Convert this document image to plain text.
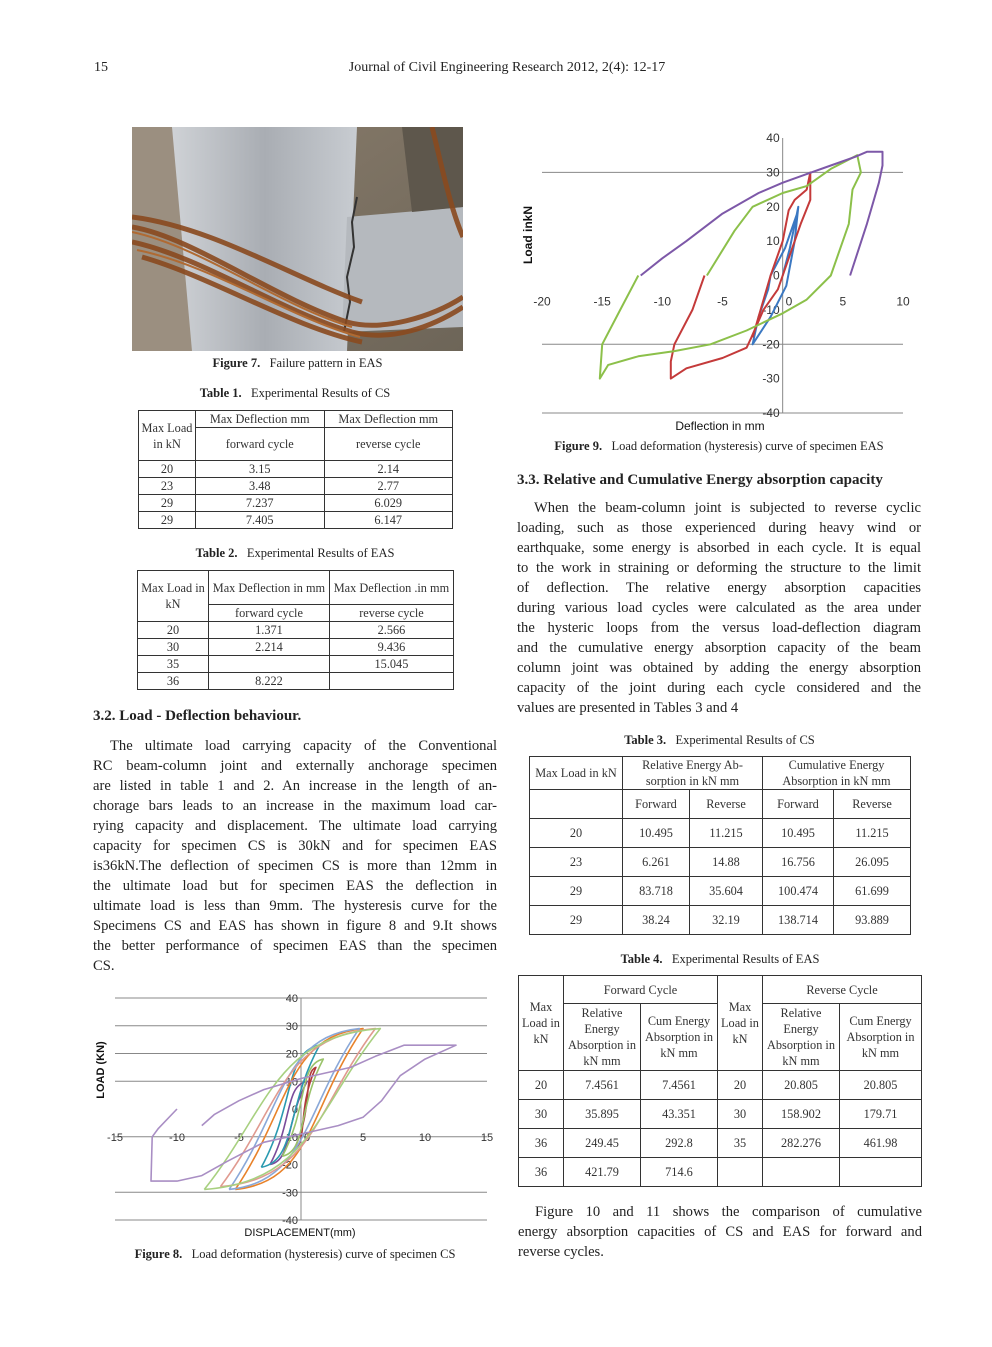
15	Journal of Civil Engineering Research 2012, 2(4): 12-17
Figure 7. Failure pattern in EAS
Table 1. Experimental Results of CS
Max Load in kN	Max Deflection mm	Max Deflection mm
	forward cycle	reverse cycle
20	3.15	2.14
23	3.48	2.77
29	7.237	6.029
29	7.405	6.147
Table 2. Experimental Results of EAS
Max Load in kN	Max Deflection in mm	Max Deflection .in mm
	forward cycle	reverse cycle
20	1.371	2.566
30	2.214	9.436
35		15.045
36	8.222	
3.2. Load - Deflection behaviour.
The ultimate load carrying capacity of the Conventional
RC beam-column joint and externally anchorage specimen
are listed in table 1 and 2. An increase in the length of an-
chorage bars leads to an increase in the maximum load car-
rying capacity and displacement. The ultimate load carrying
capacity for specimen CS is 30kN and for specimen EAS
is36kN.The deflection of specimen CS is more than 12mm in
the ultimate load but for specimen EAS the deflection in
ultimate load is less than 9mm. The hysteresis curve for the
Specimens CS and EAS has shown in figure 8 and 9.It shows
the better performance of specimen EAS than the specimen
CS.
40
30
20
10
0
-10
-20
-30
-40
-15	-10	-5	0	5	10	15
DISPLACEMENT(mm)
LOAD (KN)
Figure 8. Load deformation (hysteresis) curve of specimen CS
40
30
20
10
0
-10
-20
-30
-40
-20	-15	-10	-5	0	5	10
Deflection in mm
Load inkN
Figure 9. Load deformation (hysteresis) curve of specimen EAS
3.3. Relative and Cumulative Energy absorption capacity
When the beam-column joint is subjected to reverse cyclic
loading, such as those experienced during heavy wind or
earthquake, some energy is absorbed in each cycle. It is equal
to the work in straining or deforming the structure to the limit
of deflection. The relative energy absorption capacities
during various load cycles were calculated as the area under
the hysteric loops from the versus load-deflection diagram
and the cumulative energy absorption capacity of the beam
column joint was obtained by adding the energy absorption
capacity of the joint during each cycle considered and the
values are presented in Tables 3 and 4
Table 3. Experimental Results of CS
Max Load in kN	Relative Energy Ab-sorption in kN mm		Cumulative Energy Absorption in kN mm	
	Forward	Reverse	Forward	Reverse
20	10.495	11.215	10.495	11.215
23	6.261	14.88	16.756	26.095
29	83.718	35.604	100.474	61.699
29	38.24	32.19	138.714	93.889
Table 4. Experimental Results of EAS
Max Load in kN	Forward Cycle		Max Load in kN	Reverse Cycle	
	Relative Energy Absorption in kN mm	Cum Energy Absorption in kN mm		Relative Energy Absorption in kN mm	Cum Energy Absorption in kN mm
20	7.4561	7.4561	20	20.805	20.805
30	35.895	43.351	30	158.902	179.71
36	249.45	292.8	35	282.276	461.98
36	421.79	714.6			
Figure 10 and 11 shows the comparison of cumulative
energy absorption capacities of CS and EAS for forward and
reverse cycles.
